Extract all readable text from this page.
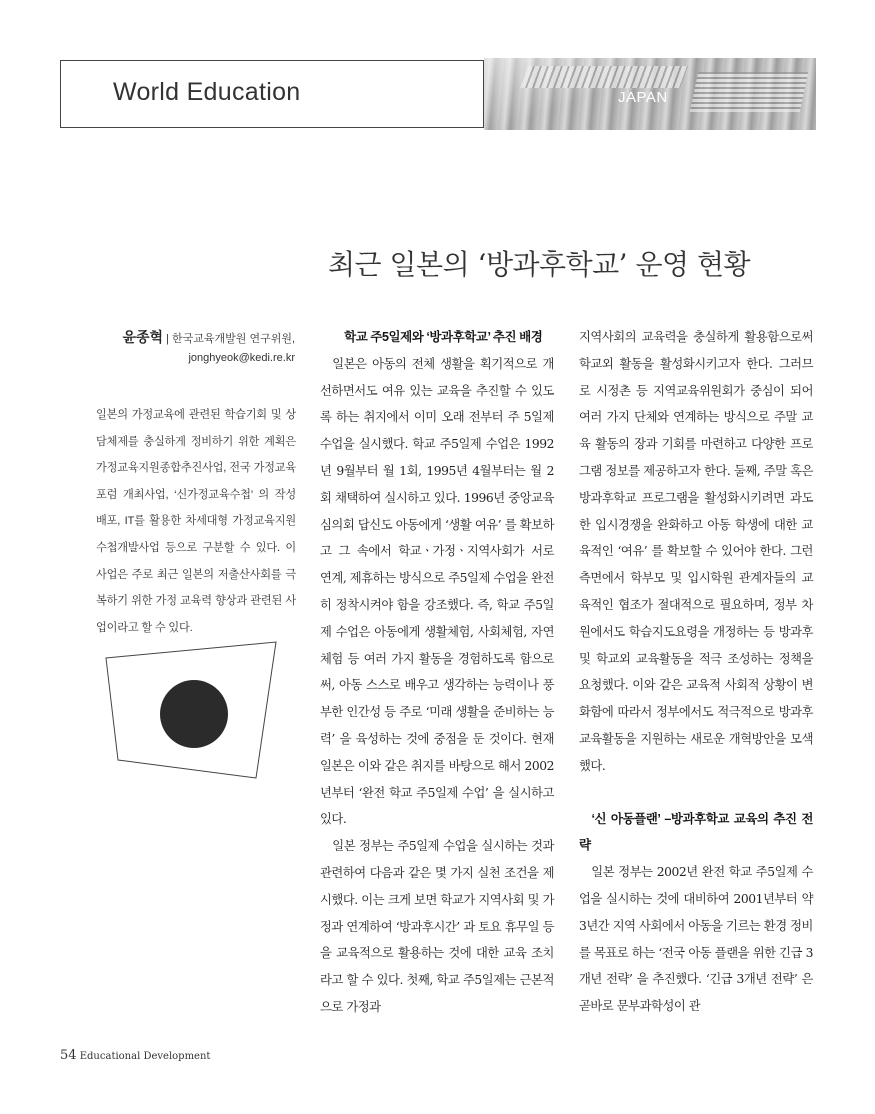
World Education	JAPAN
최근 일본의 ‘방과후학교’ 운영 현황
윤종혁 | 한국교육개발원 연구위원,
jonghyeok@kedi.re.kr
일본의 가정교육에 관련된 학습기회 및 상담체제를 충실하게 정비하기 위한 계획은 가정교육지원종합추진사업, 전국 가정교육포럼 개최사업, ‘신가정교육수첩’ 의 작성 배포, IT를 활용한 차세대형 가정교육지원수첩개발사업 등으로 구분할 수 있다. 이 사업은 주로 최근 일본의 저출산사회를 극복하기 위한 가정 교육력 향상과 관련된 사업이라고 할 수 있다.

학교 주5일제와 ‘방과후학교’ 추진 배경

일본은 아동의 전체 생활을 획기적으로 개선하면서도 여유 있는 교육을 추진할 수 있도록 하는 취지에서 이미 오래 전부터 주 5일제 수업을 실시했다. 학교 주5일제 수업은 1992년 9월부터 월 1회, 1995년 4월부터는 월 2회 채택하여 실시하고 있다. 1996년 중앙교육심의회 답신도 아동에게 ‘생활 여유’ 를 확보하고 그 속에서 학교ㆍ가정ㆍ지역사회가 서로 연계, 제휴하는 방식으로 주5일제 수업을 완전히 정착시켜야 함을 강조했다. 즉, 학교 주5일제 수업은 아동에게 생활체험, 사회체험, 자연체험 등 여러 가지 활동을 경험하도록 함으로써, 아동 스스로 배우고 생각하는 능력이나 풍부한 인간성 등 주로 ‘미래 생활을 준비하는 능력’ 을 육성하는 것에 중점을 둔 것이다. 현재 일본은 이와 같은 취지를 바탕으로 해서 2002년부터 ‘완전 학교 주5일제 수업’ 을 실시하고 있다.

일본 정부는 주5일제 수업을 실시하는 것과 관련하여 다음과 같은 몇 가지 실천 조건을 제시했다. 이는 크게 보면 학교가 지역사회 및 가정과 연계하여 ‘방과후시간’ 과 토요 휴무일 등을 교육적으로 활용하는 것에 대한 교육 조치라고 할 수 있다. 첫째, 학교 주5일제는 근본적으로 가정과

지역사회의 교육력을 충실하게 활용함으로써 학교외 활동을 활성화시키고자 한다. 그러므로 시정촌 등 지역교육위원회가 중심이 되어 여러 가지 단체와 연계하는 방식으로 주말 교육 활동의 장과 기회를 마련하고 다양한 프로그램 정보를 제공하고자 한다. 둘째, 주말 혹은 방과후학교 프로그램을 활성화시키려면 과도한 입시경쟁을 완화하고 아동 학생에 대한 교육적인 ‘여유’ 를 확보할 수 있어야 한다. 그런 측면에서 학부모 및 입시학원 관계자들의 교육적인 협조가 절대적으로 필요하며, 정부 차원에서도 학습지도요령을 개정하는 등 방과후 및 학교외 교육활동을 적극 조성하는 정책을 요청했다. 이와 같은 교육적 사회적 상황이 변화함에 따라서 정부에서도 적극적으로 방과후 교육활동을 지원하는 새로운 개혁방안을 모색했다.

‘신 아동플랜’ –방과후학교 교육의 추진 전략

일본 정부는 2002년 완전 학교 주5일제 수업을 실시하는 것에 대비하여 2001년부터 약 3년간 지역 사회에서 아동을 기르는 환경 정비를 목표로 하는 ‘전국 아동 플랜을 위한 긴급 3개년 전략’ 을 추진했다. ‘긴급 3개년 전략’ 은 곧바로 문부과학성이 관

54 Educational Development
